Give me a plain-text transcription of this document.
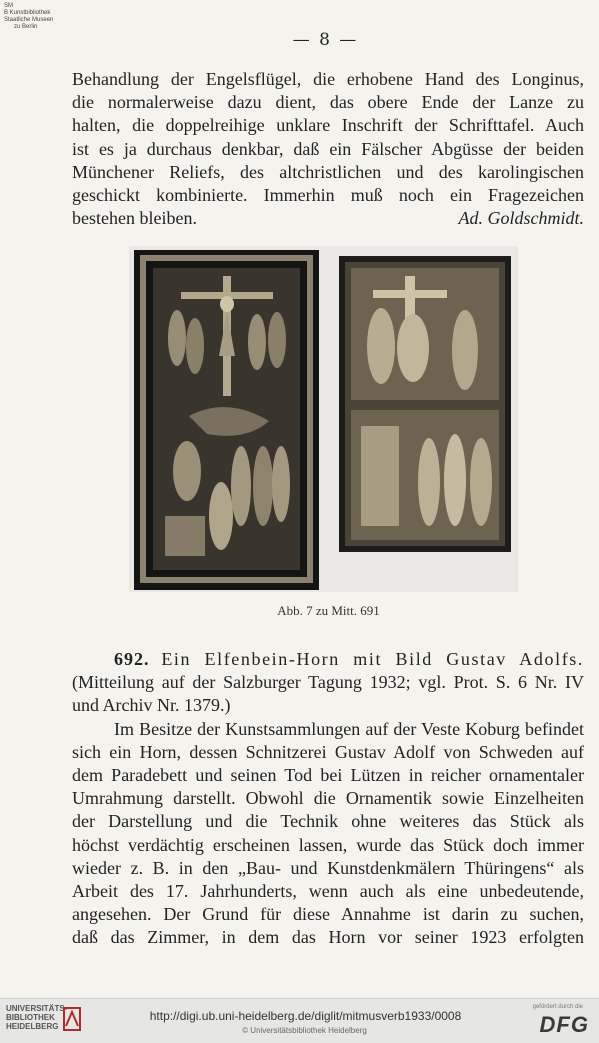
SM
B Kunstbibliothek
Staatliche Museen
zu Berlin
— 8 —
Behandlung der Engelsflügel, die erhobene Hand des Longinus,
die normalerweise dazu dient, das obere Ende der Lanze zu
halten, die doppelreihige unklare Inschrift der Schrifttafel. Auch
ist es ja durchaus denkbar, daß ein Fälscher Abgüsse der beiden
Münchener Reliefs, des altchristlichen und des karolingischen
geschickt kombinierte. Immerhin muß noch ein Fragezeichen
bestehen bleiben.	Ad. Goldschmidt.
Abb. 7 zu Mitt. 691
692. Ein Elfenbein-Horn mit Bild Gustav Adolfs.
(Mitteilung auf der Salzburger Tagung 1932; vgl. Prot. S. 6 Nr. IV
und Archiv Nr. 1379.)
Im Besitze der Kunstsammlungen auf der Veste Koburg befindet
sich ein Horn, dessen Schnitzerei Gustav Adolf von Schweden auf
dem Paradebett und seinen Tod bei Lützen in reicher ornamentaler
Umrahmung darstellt. Obwohl die Ornamentik sowie Einzelheiten
der Darstellung und die Technik ohne weiteres das Stück als
höchst verdächtig erscheinen lassen, wurde das Stück doch immer
wieder z. B. in den „Bau- und Kunstdenkmälern Thüringens“ als
Arbeit des 17. Jahrhunderts, wenn auch als eine unbedeutende,
angesehen. Der Grund für diese Annahme ist darin zu suchen,
daß das Zimmer, in dem das Horn vor seiner 1923 erfolgten
UNIVERSITÄTS-
BIBLIOTHEK
HEIDELBERG
http://digi.ub.uni-heidelberg.de/diglit/mitmusverb1933/0008
© Universitätsbibliothek Heidelberg
gefördert durch die
DFG
